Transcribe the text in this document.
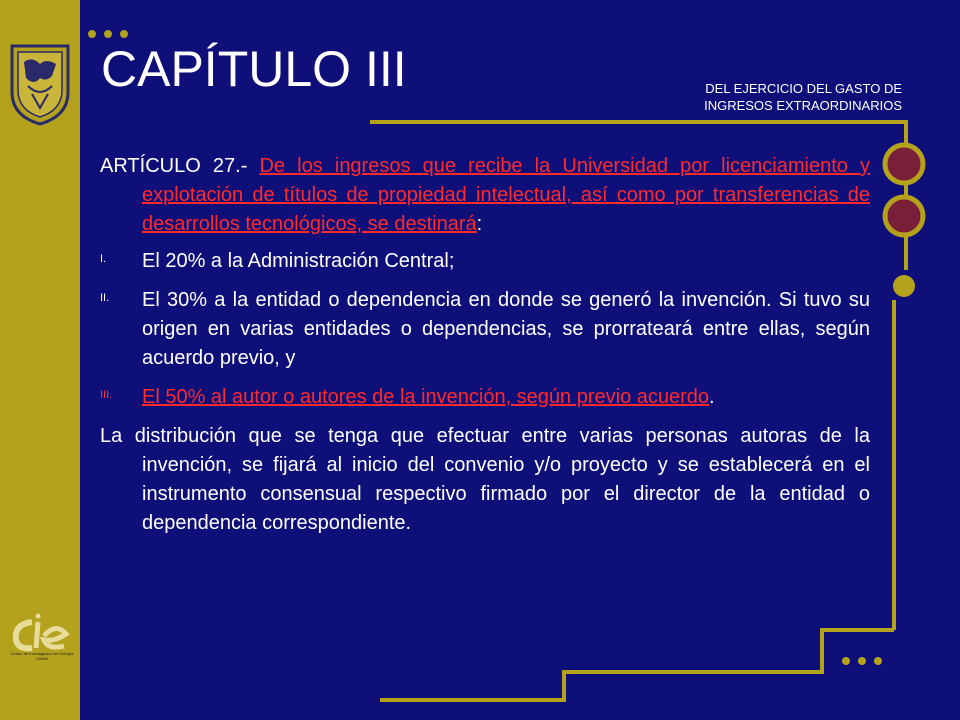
Centro de Investigación en Energía
UNAM
CAPÍTULO III	DEL EJERCICIO DEL GASTO DE
INGRESOS EXTRAORDINARIOS

ARTÍCULO 27.- De los ingresos que recibe la Universidad por licenciamiento y explotación de títulos de propiedad intelectual, así como por transferencias de desarrollos tecnológicos, se destinará:

I. El 20% a la Administración Central;
II. El 30% a la entidad o dependencia en donde se generó la invención. Si tuvo su origen en varias entidades o dependencias, se prorrateará entre ellas, según acuerdo previo, y
III. El 50% al autor o autores de la invención, según previo acuerdo.

La distribución que se tenga que efectuar entre varias personas autoras de la invención, se fijará al inicio del convenio y/o proyecto y se establecerá en el instrumento consensual respectivo firmado por el director de la entidad o dependencia correspondiente.
